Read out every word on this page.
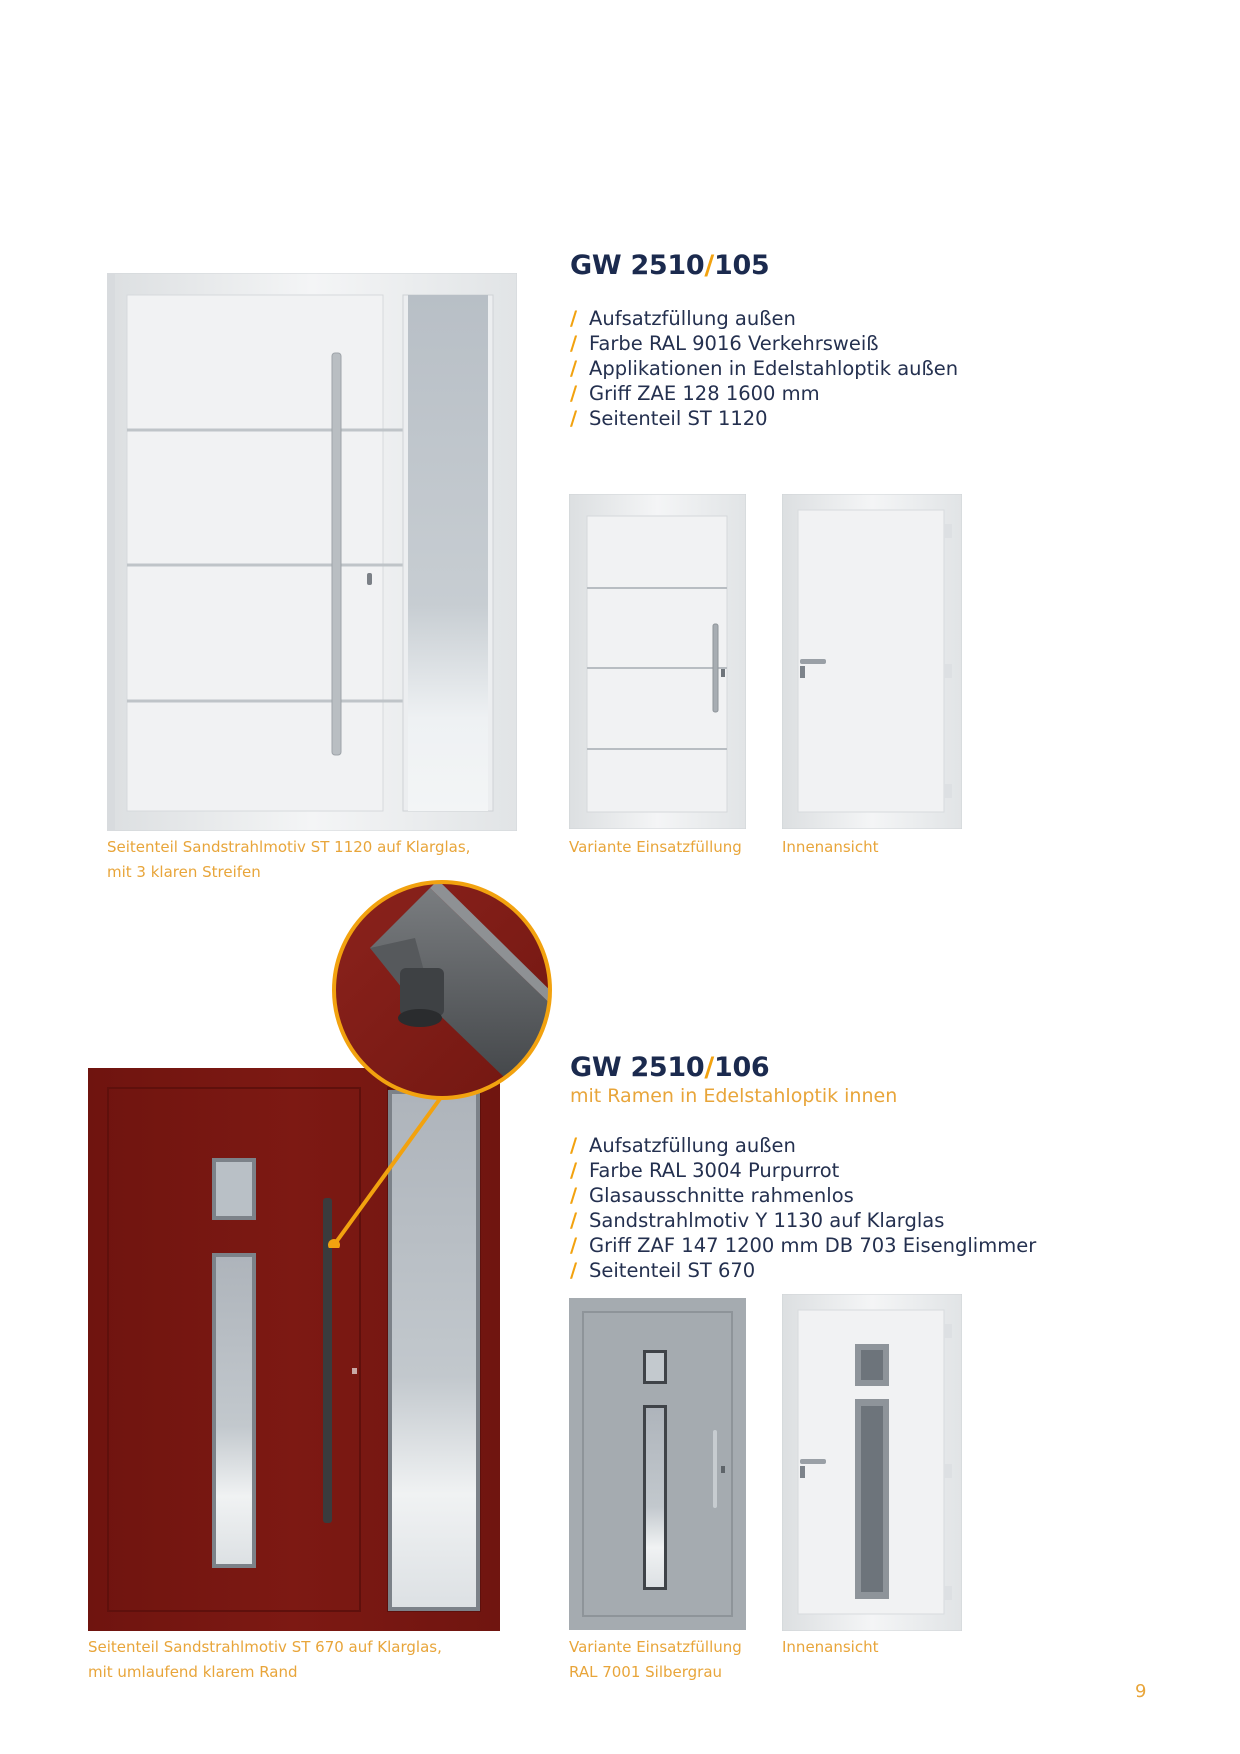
GW 2510/105
/ Aufsatzfüllung außen
/ Farbe RAL 9016 Verkehrsweiß
/ Applikationen in Edelstahloptik außen
/ Griff ZAE 128 1600 mm
/ Seitenteil ST 1120
Seitenteil Sandstrahlmotiv ST 1120 auf Klarglas,
mit 3 klaren Streifen
Variante Einsatzfüllung	Innenansicht
GW 2510/106
mit Ramen in Edelstahloptik innen
/ Aufsatzfüllung außen
/ Farbe RAL 3004 Purpurrot
/ Glasausschnitte rahmenlos
/ Sandstrahlmotiv Y 1130 auf Klarglas
/ Griff ZAF 147 1200 mm DB 703 Eisenglimmer
/ Seitenteil ST 670
Seitenteil Sandstrahlmotiv ST 670 auf Klarglas,
mit umlaufend klarem Rand
Variante Einsatzfüllung
RAL 7001 Silbergrau
Innenansicht
9
